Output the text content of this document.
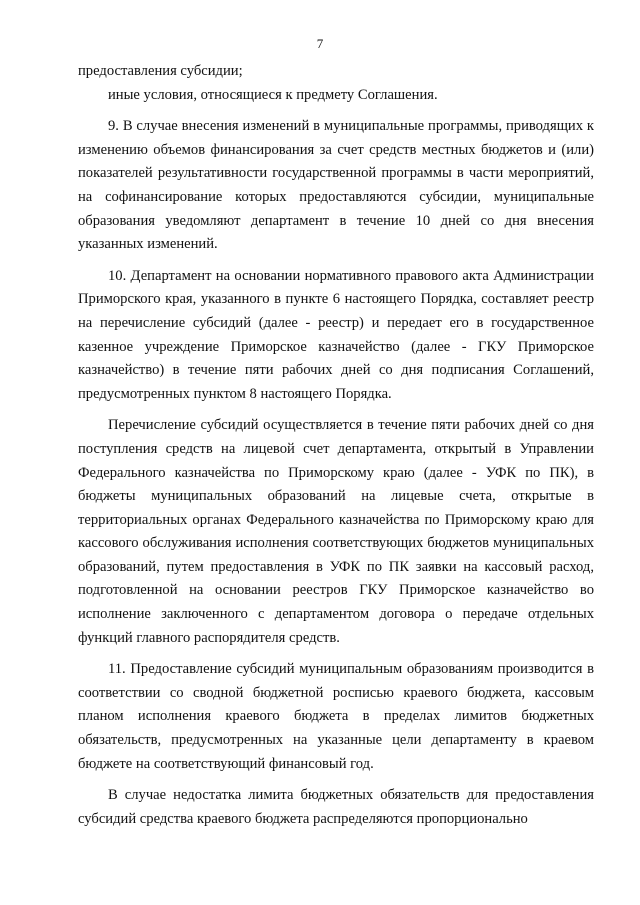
7

предоставления субсидии;

иные условия, относящиеся к предмету Соглашения.

9. В случае внесения изменений в муниципальные программы, приводящих к изменению объемов финансирования за счет средств местных бюджетов и (или) показателей результативности государственной программы в части мероприятий, на софинансирование которых предоставляются субсидии, муниципальные образования уведомляют департамент в течение 10 дней со дня внесения указанных изменений.

10. Департамент на основании нормативного правового акта Администрации Приморского края, указанного в пункте 6 настоящего Порядка, составляет реестр на перечисление субсидий (далее - реестр) и передает его в государственное казенное учреждение Приморское казначейство (далее - ГКУ Приморское казначейство) в течение пяти рабочих дней со дня подписания Соглашений, предусмотренных пунктом 8 настоящего Порядка.

Перечисление субсидий осуществляется в течение пяти рабочих дней со дня поступления средств на лицевой счет департамента, открытый в Управлении Федерального казначейства по Приморскому краю (далее - УФК по ПК), в бюджеты муниципальных образований на лицевые счета, открытые в территориальных органах Федерального казначейства по Приморскому краю для кассового обслуживания исполнения соответствующих бюджетов муниципальных образований, путем предоставления в УФК по ПК заявки на кассовый расход, подготовленной на основании реестров ГКУ Приморское казначейство во исполнение заключенного с департаментом договора о передаче отдельных функций главного распорядителя средств.

11. Предоставление субсидий муниципальным образованиям производится в соответствии со сводной бюджетной росписью краевого бюджета, кассовым планом исполнения краевого бюджета в пределах лимитов бюджетных обязательств, предусмотренных на указанные цели департаменту в краевом бюджете на соответствующий финансовый год.

В случае недостатка лимита бюджетных обязательств для предоставления субсидий средства краевого бюджета распределяются пропорционально
